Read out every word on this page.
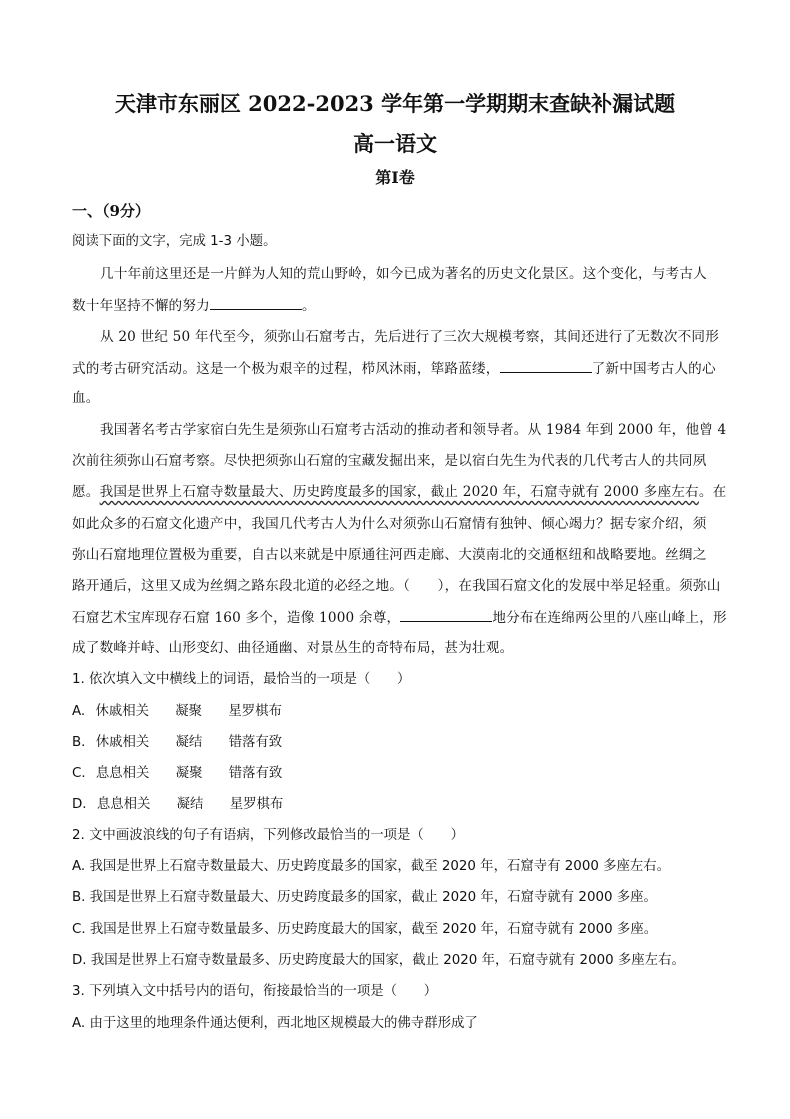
天津市东丽区 2022-2023 学年第一学期期末查缺补漏试题
高一语文
第Ⅰ卷
一、（9分）
阅读下面的文字，完成 1-3 小题。
几十年前这里还是一片鲜为人知的荒山野岭，如今已成为著名的历史文化景区。这个变化，与考古人
数十年坚持不懈的努力	。
从 20 世纪 50 年代至今，须弥山石窟考古，先后进行了三次大规模考察，其间还进行了无数次不同形
式的考古研究活动。这是一个极为艰辛的过程，栉风沐雨，筚路蓝缕，	了新中国考古人的心
血。
我国著名考古学家宿白先生是须弥山石窟考古活动的推动者和领导者。从 1984 年到 2000 年，他曾 4
次前往须弥山石窟考察。尽快把须弥山石窟的宝藏发掘出来，是以宿白先生为代表的几代考古人的共同夙
愿。我国是世界上石窟寺数量最大、历史跨度最多的国家，截止 2020 年，石窟寺就有 2000 多座左右。在
如此众多的石窟文化遗产中，我国几代考古人为什么对须弥山石窟情有独钟、倾心竭力？据专家介绍，须
弥山石窟地理位置极为重要，自古以来就是中原通往河西走廊、大漠南北的交通枢纽和战略要地。丝绸之
路开通后，这里又成为丝绸之路东段北道的必经之地。（　　），在我国石窟文化的发展中举足轻重。须弥山
石窟艺术宝库现存石窟 160 多个，造像 1000 余尊，	地分布在连绵两公里的八座山峰上，形
成了数峰并峙、山形变幻、曲径通幽、对景丛生的奇特布局，甚为壮观。
1. 依次填入文中横线上的词语，最恰当的一项是（　　）
A. 休戚相关 凝聚 星罗棋布
B. 休戚相关 凝结 错落有致
C. 息息相关 凝聚 错落有致
D. 息息相关 凝结 星罗棋布
2. 文中画波浪线的句子有语病，下列修改最恰当的一项是（　　）
A. 我国是世界上石窟寺数量最大、历史跨度最多的国家，截至 2020 年，石窟寺有 2000 多座左右。
B. 我国是世界上石窟寺数量最大、历史跨度最多的国家，截止 2020 年，石窟寺就有 2000 多座。
C. 我国是世界上石窟寺数量最多、历史跨度最大的国家，截至 2020 年，石窟寺就有 2000 多座。
D. 我国是世界上石窟寺数量最多、历史跨度最大的国家，截止 2020 年，石窟寺就有 2000 多座左右。
3. 下列填入文中括号内的语句，衔接最恰当的一项是（　　）
A. 由于这里的地理条件通达便利，西北地区规模最大的佛寺群形成了
